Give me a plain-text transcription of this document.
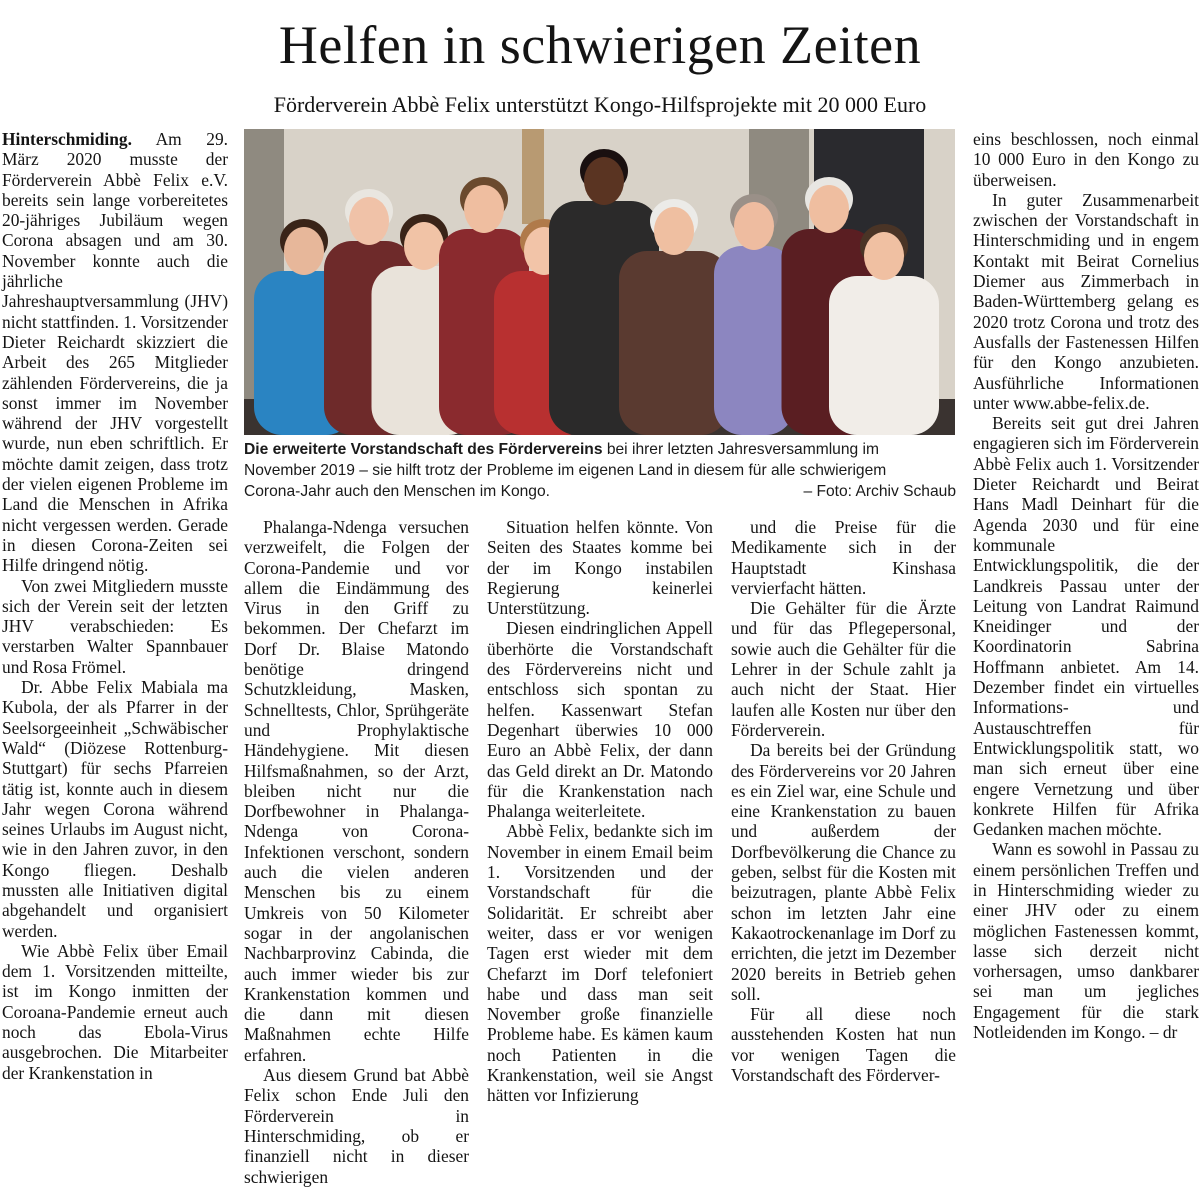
Helfen in schwierigen Zeiten
Förderverein Abbè Felix unterstützt Kongo-Hilfsprojekte mit 20 000 Euro
Die erweiterte Vorstandschaft des Fördervereins bei ihrer letzten Jahresversammlung im
November 2019 – sie hilft trotz der Probleme im eigenen Land in diesem für alle schwierigem
Corona-Jahr auch den Menschen im Kongo.	– Foto: Archiv Schaub

Hinterschmiding. Am 29. März 2020 musste der Förderverein Abbè Felix e.V. bereits sein lange vorbereitetes 20-jähriges Jubiläum wegen Corona absagen und am 30. November konnte auch die jährliche Jahreshauptversammlung (JHV) nicht stattfinden. 1. Vorsitzender Dieter Reichardt skizziert die Arbeit des 265 Mitglieder zählenden Fördervereins, die ja sonst immer im November während der JHV vorgestellt wurde, nun eben schriftlich. Er möchte damit zeigen, dass trotz der vielen eigenen Probleme im Land die Menschen in Afrika nicht vergessen werden. Gerade in diesen Corona-Zeiten sei Hilfe dringend nötig.

Von zwei Mitgliedern musste sich der Verein seit der letzten JHV verabschieden: Es verstarben Walter Spannbauer und Rosa Frömel.

Dr. Abbe Felix Mabiala ma Kubola, der als Pfarrer in der Seelsorgeeinheit „Schwäbischer Wald“ (Diözese Rottenburg-Stuttgart) für sechs Pfarreien tätig ist, konnte auch in diesem Jahr wegen Corona während seines Urlaubs im August nicht, wie in den Jahren zuvor, in den Kongo fliegen. Deshalb mussten alle Initiativen digital abgehandelt und organisiert werden.

Wie Abbè Felix über Email dem 1. Vorsitzenden mitteilte, ist im Kongo inmitten der Coroana-Pandemie erneut auch noch das Ebola-Virus ausgebrochen. Die Mitarbeiter der Krankenstation in

Phalanga-Ndenga versuchen verzweifelt, die Folgen der Corona-Pandemie und vor allem die Eindämmung des Virus in den Griff zu bekommen. Der Chefarzt im Dorf Dr. Blaise Matondo benötige dringend Schutzkleidung, Masken, Schnelltests, Chlor, Sprühgeräte und Prophylaktische Händehygiene. Mit diesen Hilfsmaßnahmen, so der Arzt, bleiben nicht nur die Dorfbewohner in Phalanga-Ndenga von Corona-Infektionen verschont, sondern auch die vielen anderen Menschen bis zu einem Umkreis von 50 Kilometer sogar in der angolanischen Nachbarprovinz Cabinda, die auch immer wieder bis zur Krankenstation kommen und die dann mit diesen Maßnahmen echte Hilfe erfahren.

Aus diesem Grund bat Abbè Felix schon Ende Juli den Förderverein in Hinterschmiding, ob er finanziell nicht in dieser schwierigen

Situation helfen könnte. Von Seiten des Staates komme bei der im Kongo instabilen Regierung keinerlei Unterstützung.

Diesen eindringlichen Appell überhörte die Vorstandschaft des Fördervereins nicht und entschloss sich spontan zu helfen. Kassenwart Stefan Degenhart überwies 10 000 Euro an Abbè Felix, der dann das Geld direkt an Dr. Matondo für die Krankenstation nach Phalanga weiterleitete.

Abbè Felix, bedankte sich im November in einem Email beim 1. Vorsitzenden und der Vorstandschaft für die Solidarität. Er schreibt aber weiter, dass er vor wenigen Tagen erst wieder mit dem Chefarzt im Dorf telefoniert habe und dass man seit November große finanzielle Probleme habe. Es kämen kaum noch Patienten in die Krankenstation, weil sie Angst hätten vor Infizierung

und die Preise für die Medikamente sich in der Hauptstadt Kinshasa vervierfacht hätten.

Die Gehälter für die Ärzte und für das Pflegepersonal, sowie auch die Gehälter für die Lehrer in der Schule zahlt ja auch nicht der Staat. Hier laufen alle Kosten nur über den Förderverein.

Da bereits bei der Gründung des Fördervereins vor 20 Jahren es ein Ziel war, eine Schule und eine Krankenstation zu bauen und außerdem der Dorfbevölkerung die Chance zu geben, selbst für die Kosten mit beizutragen, plante Abbè Felix schon im letzten Jahr eine Kakaotrockenanlage im Dorf zu errichten, die jetzt im Dezember 2020 bereits in Betrieb gehen soll.

Für all diese noch ausstehenden Kosten hat nun vor wenigen Tagen die Vorstandschaft des Förderver-

eins beschlossen, noch einmal 10 000 Euro in den Kongo zu überweisen.

In guter Zusammenarbeit zwischen der Vorstandschaft in Hinterschmiding und in engem Kontakt mit Beirat Cornelius Diemer aus Zimmerbach in Baden-Württemberg gelang es 2020 trotz Corona und trotz des Ausfalls der Fastenessen Hilfen für den Kongo anzubieten. Ausführliche Informationen unter www.abbe-felix.de.

Bereits seit gut drei Jahren engagieren sich im Förderverein Abbè Felix auch 1. Vorsitzender Dieter Reichardt und Beirat Hans Madl Deinhart für die Agenda 2030 und für eine kommunale Entwicklungspolitik, die der Landkreis Passau unter der Leitung von Landrat Raimund Kneidinger und der Koordinatorin Sabrina Hoffmann anbietet. Am 14. Dezember findet ein virtuelles Informations- und Austauschtreffen für Entwicklungspolitik statt, wo man sich erneut über eine engere Vernetzung und über konkrete Hilfen für Afrika Gedanken machen möchte.

Wann es sowohl in Passau zu einem persönlichen Treffen und in Hinterschmiding wieder zu einer JHV oder zu einem möglichen Fastenessen kommt, lasse sich derzeit nicht vorhersagen, umso dankbarer sei man um jegliches Engagement für die stark Notleidenden im Kongo. – dr
